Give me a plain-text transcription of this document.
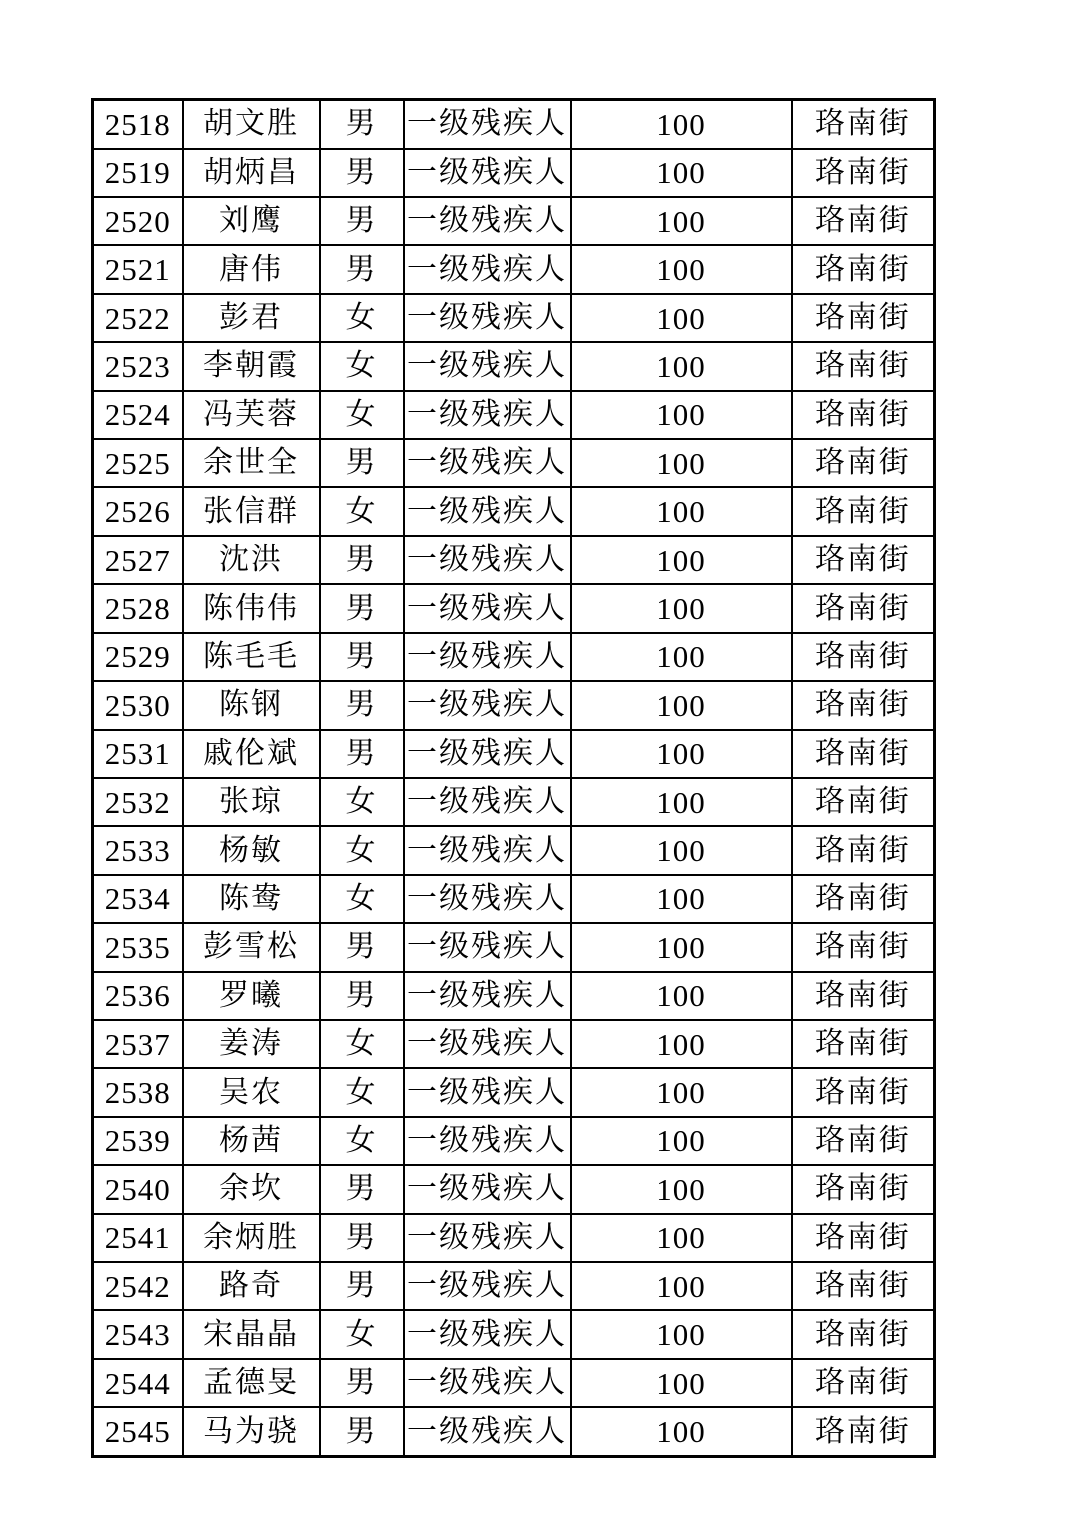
2518	胡文胜	男	一级残疾人	100	珞南街
2519	胡炳昌	男	一级残疾人	100	珞南街
2520	刘鹰	男	一级残疾人	100	珞南街
2521	唐伟	男	一级残疾人	100	珞南街
2522	彭君	女	一级残疾人	100	珞南街
2523	李朝霞	女	一级残疾人	100	珞南街
2524	冯芙蓉	女	一级残疾人	100	珞南街
2525	余世全	男	一级残疾人	100	珞南街
2526	张信群	女	一级残疾人	100	珞南街
2527	沈洪	男	一级残疾人	100	珞南街
2528	陈伟伟	男	一级残疾人	100	珞南街
2529	陈毛毛	男	一级残疾人	100	珞南街
2530	陈钢	男	一级残疾人	100	珞南街
2531	戚伦斌	男	一级残疾人	100	珞南街
2532	张琼	女	一级残疾人	100	珞南街
2533	杨敏	女	一级残疾人	100	珞南街
2534	陈鸯	女	一级残疾人	100	珞南街
2535	彭雪松	男	一级残疾人	100	珞南街
2536	罗曦	男	一级残疾人	100	珞南街
2537	姜涛	女	一级残疾人	100	珞南街
2538	吴农	女	一级残疾人	100	珞南街
2539	杨茜	女	一级残疾人	100	珞南街
2540	余坎	男	一级残疾人	100	珞南街
2541	余炳胜	男	一级残疾人	100	珞南街
2542	路奇	男	一级残疾人	100	珞南街
2543	宋晶晶	女	一级残疾人	100	珞南街
2544	孟德旻	男	一级残疾人	100	珞南街
2545	马为骁	男	一级残疾人	100	珞南街
